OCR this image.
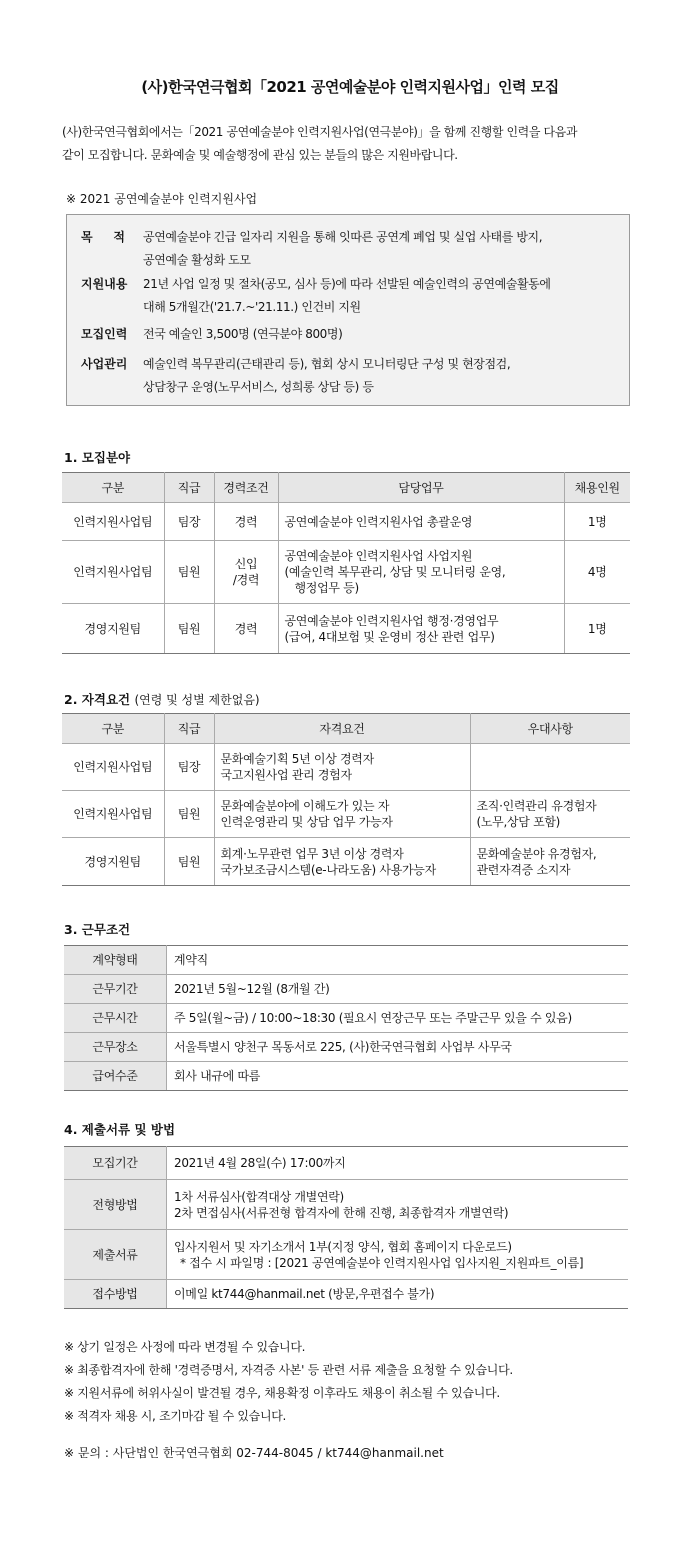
(사)한국연극협회「2021 공연예술분야 인력지원사업」인력 모집
(사)한국연극협회에서는「2021 공연예술분야 인력지원사업(연극분야)」을 함께 진행할 인력을 다음과
같이 모집합니다. 문화예술 및 예술행정에 관심 있는 분들의 많은 지원바랍니다.
※ 2021 공연예술분야 인력지원사업
목 적 공연예술분야 긴급 일자리 지원을 통해 잇따른 공연계 폐업 및 실업 사태를 방지,
공연예술 활성화 도모
지원내용	21년 사업 일정 및 절차(공모, 심사 등)에 따라 선발된 예술인력의 공연예술활동에
대해 5개월간('21.7.~'21.11.) 인건비 지원
모집인력	전국 예술인 3,500명 (연극분야 800명)
사업관리	예술인력 복무관리(근태관리 등), 협회 상시 모니터링단 구성 및 현장점검,
상담창구 운영(노무서비스, 성희롱 상담 등) 등
1. 모집분야
구분	직급	경력조건	담당업무	채용인원
인력지원사업팀	팀장	경력	공연예술분야 인력지원사업 총괄운영	1명
인력지원사업팀	팀원	신입
/경력	공연예술분야 인력지원사업 사업지원
(예술인력 복무관리, 상담 및 모니터링 운영,
행정업무 등)	4명
경영지원팀	팀원	경력	공연예술분야 인력지원사업 행정·경영업무
(급여, 4대보험 및 운영비 정산 관련 업무)	1명
2. 자격요건 (연령 및 성별 제한없음)
구분	직급	자격요건	우대사항
인력지원사업팀	팀장	문화예술기획 5년 이상 경력자
국고지원사업 관리 경험자	

인력지원사업팀	팀원	문화예술분야에 이해도가 있는 자
인력운영관리 및 상담 업무 가능자	조직·인력관리 유경험자
(노무,상담 포함)

경영지원팀	팀원	회계·노무관련 업무 3년 이상 경력자
국가보조금시스템(e-나라도움) 사용가능자	문화예술분야 유경험자,
관련자격증 소지자
3. 근무조건
계약형태	계약직
근무기간	2021년 5월~12월 (8개월 간)
근무시간	주 5일(월~금) / 10:00~18:30 (필요시 연장근무 또는 주말근무 있을 수 있음)
근무장소	서울특별시 양천구 목동서로 225, (사)한국연극협회 사업부 사무국
급여수준	회사 내규에 따름
4. 제출서류 및 방법
모집기간	2021년 4월 28일(수) 17:00까지
전형방법	1차 서류심사(합격대상 개별연락)
2차 면접심사(서류전형 합격자에 한해 진행, 최종합격자 개별연락)

제출서류	입사지원서 및 자기소개서 1부(지정 양식, 협회 홈페이지 다운로드)
* 접수 시 파일명 : [2021 공연예술분야 인력지원사업 입사지원_지원파트_이름]

접수방법	이메일 kt744@hanmail.net (방문,우편접수 불가)
※ 상기 일정은 사정에 따라 변경될 수 있습니다.
※ 최종합격자에 한해 '경력증명서, 자격증 사본' 등 관련 서류 제출을 요청할 수 있습니다.
※ 지원서류에 허위사실이 발견될 경우, 채용확정 이후라도 채용이 취소될 수 있습니다.
※ 적격자 채용 시, 조기마감 될 수 있습니다.
※ 문의 : 사단법인 한국연극협회 02-744-8045 / kt744@hanmail.net
